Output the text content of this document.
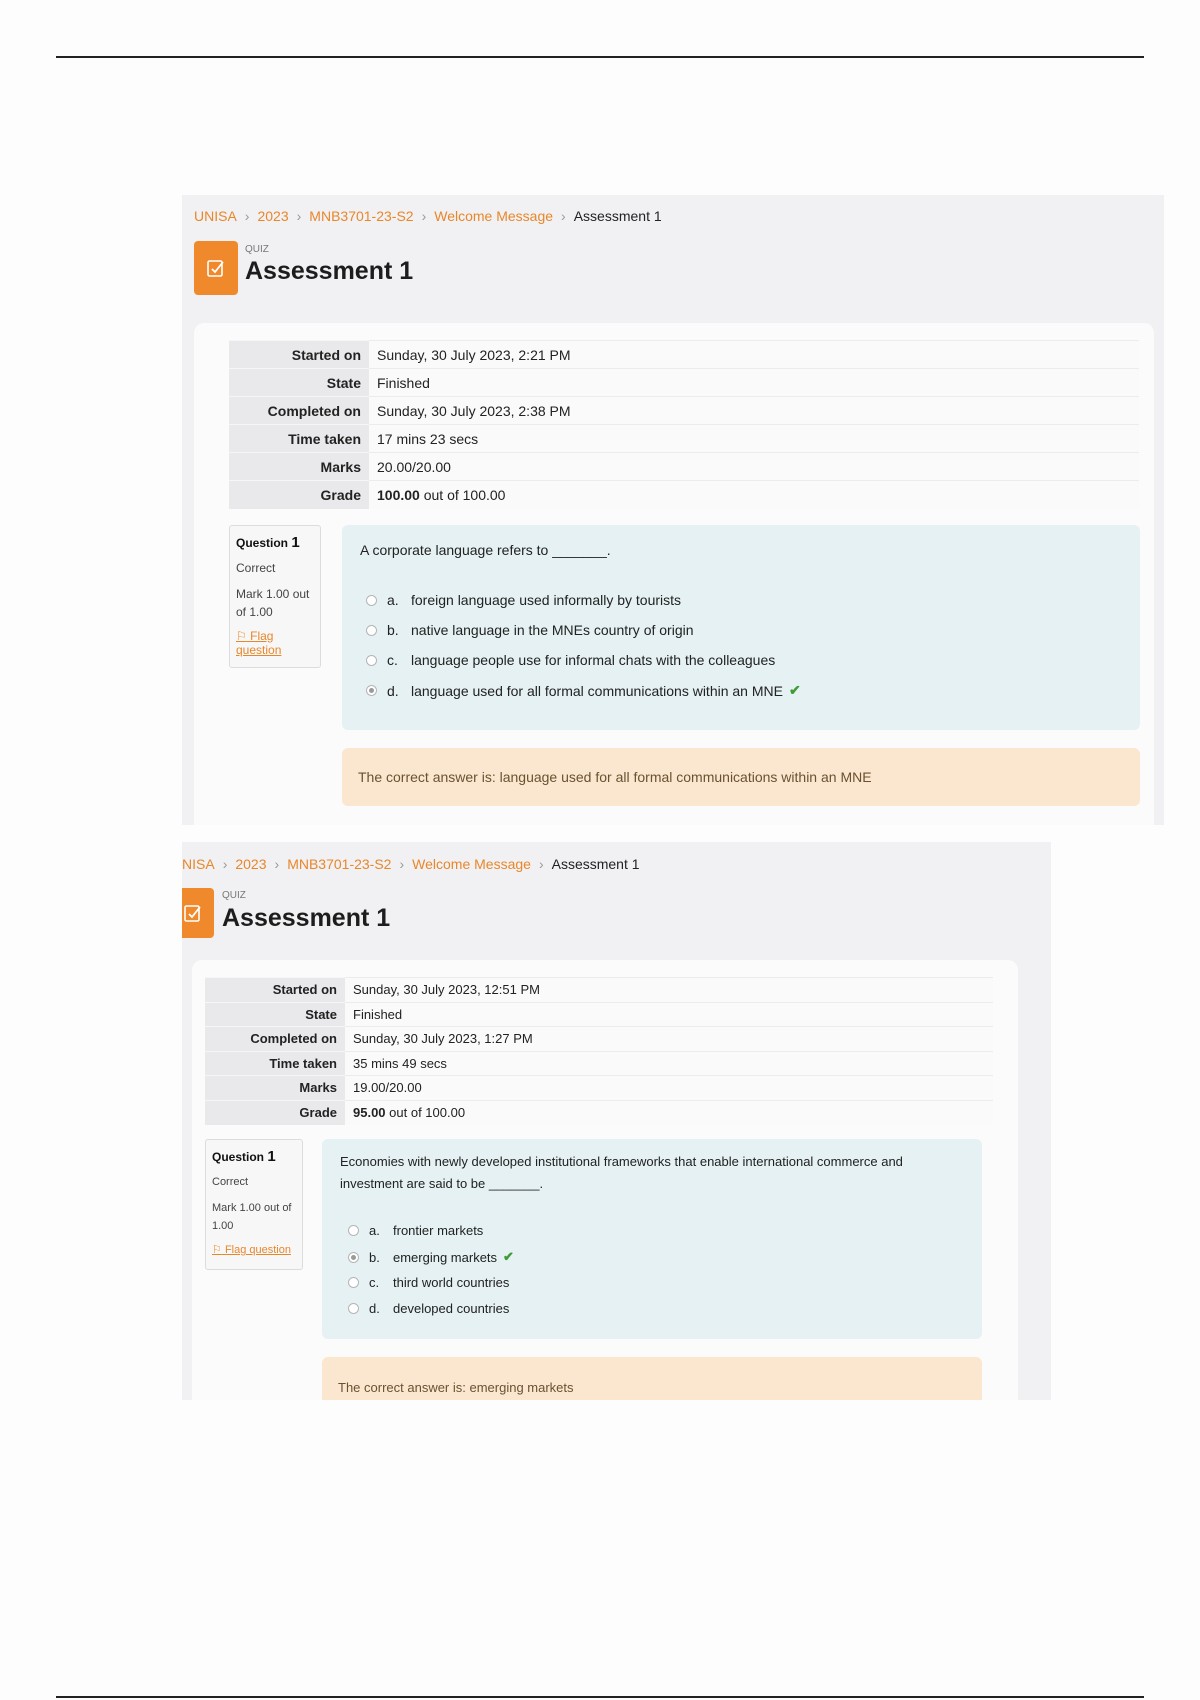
UNISA › 2023 › MNB3701-23-S2 › Welcome Message › Assessment 1
QUIZ
Assessment 1
Started on	Sunday, 30 July 2023, 2:21 PM
State	Finished
Completed on	Sunday, 30 July 2023, 2:38 PM
Time taken	17 mins 23 secs
Marks	20.00/20.00
Grade	100.00 out of 100.00
Question 1
Correct
Mark 1.00 out of 1.00
⚐ Flag question
A corporate language refers to _______.
a. foreign language used informally by tourists
b. native language in the MNEs country of origin
c. language people use for informal chats with the colleagues
d. language used for all formal communications within an MNE ✔
The correct answer is: language used for all formal communications within an MNE
NISA › 2023 › MNB3701-23-S2 › Welcome Message › Assessment 1
QUIZ
Assessment 1
Started on	Sunday, 30 July 2023, 12:51 PM
State	Finished
Completed on	Sunday, 30 July 2023, 1:27 PM
Time taken	35 mins 49 secs
Marks	19.00/20.00
Grade	95.00 out of 100.00
Question 1
Correct
Mark 1.00 out of 1.00
⚐ Flag question
Economies with newly developed institutional frameworks that enable international commerce and investment are said to be _______.
a.	frontier markets
b.	emerging markets ✔
c.	third world countries
d.	developed countries
The correct answer is: emerging markets
